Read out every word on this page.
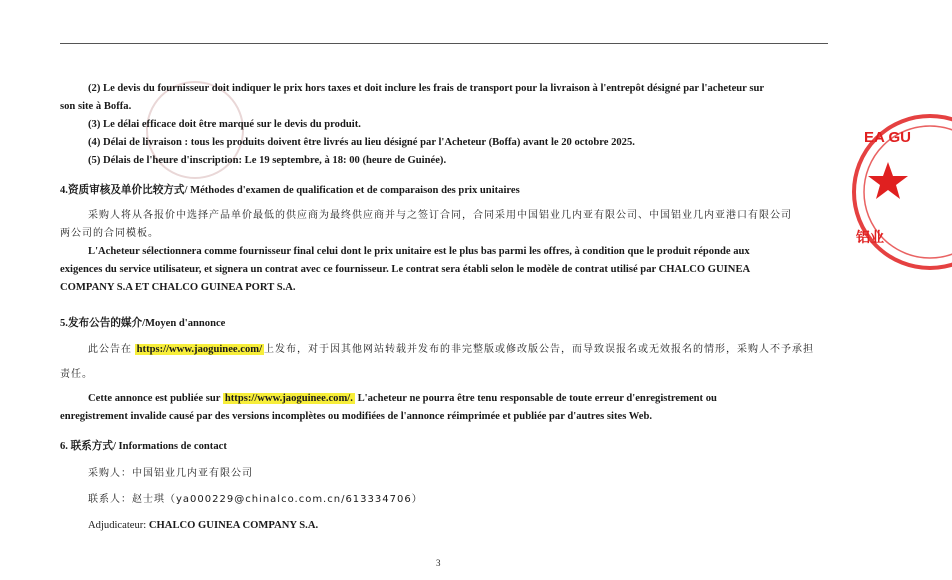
(2) Le devis du fournisseur doit indiquer le prix hors taxes et doit inclure les frais de transport pour la livraison à l'entrepôt désigné par l'acheteur sur
son site à Boffa.
(3) Le délai efficace doit être marqué sur le devis du produit.
(4) Délai de livraison : tous les produits doivent être livrés au lieu désigné par l'Acheteur (Boffa) avant le 20 octobre 2025.
(5) Délais de l'heure d'inscription: Le 19 septembre, à 18: 00 (heure de Guinée).
4.资质审核及单价比较方式/ Méthodes d'examen de qualification et de comparaison des prix unitaires
采购人将从各报价中选择产品单价最低的供应商为最终供应商并与之签订合同，合同采用中国铝业几内亚有限公司、中国铝业几内亚港口有限公司
两公司的合同模板。
L'Acheteur sélectionnera comme fournisseur final celui dont le prix unitaire est le plus bas parmi les offres, à condition que le produit réponde aux
exigences du service utilisateur, et signera un contrat avec ce fournisseur. Le contrat sera établi selon le modèle de contrat utilisé par CHALCO GUINEA
COMPANY S.A ET CHALCO GUINEA PORT S.A.
5.发布公告的媒介/Moyen d'annonce
此公告在 https://www.jaoguinee.com/ 上发布，对于因其他网站转载并发布的非完整版或修改版公告，而导致误报名或无效报名的情形，采购人不予承担
责任。
Cette annonce est publiée sur https://www.jaoguinee.com/. L'acheteur ne pourra être tenu responsable de toute erreur d'enregistrement ou
enregistrement invalide causé par des versions incomplètes ou modifiées de l'annonce réimprimée et publiée par d'autres sites Web.
6. 联系方式/ Informations de contact
采购人：中国铝业几内亚有限公司
联系人：赵士琪（ya000229@chinalco.com.cn/613334706）
Adjudicateur: CHALCO GUINEA COMPANY S.A.
EA GU
铝业
3
